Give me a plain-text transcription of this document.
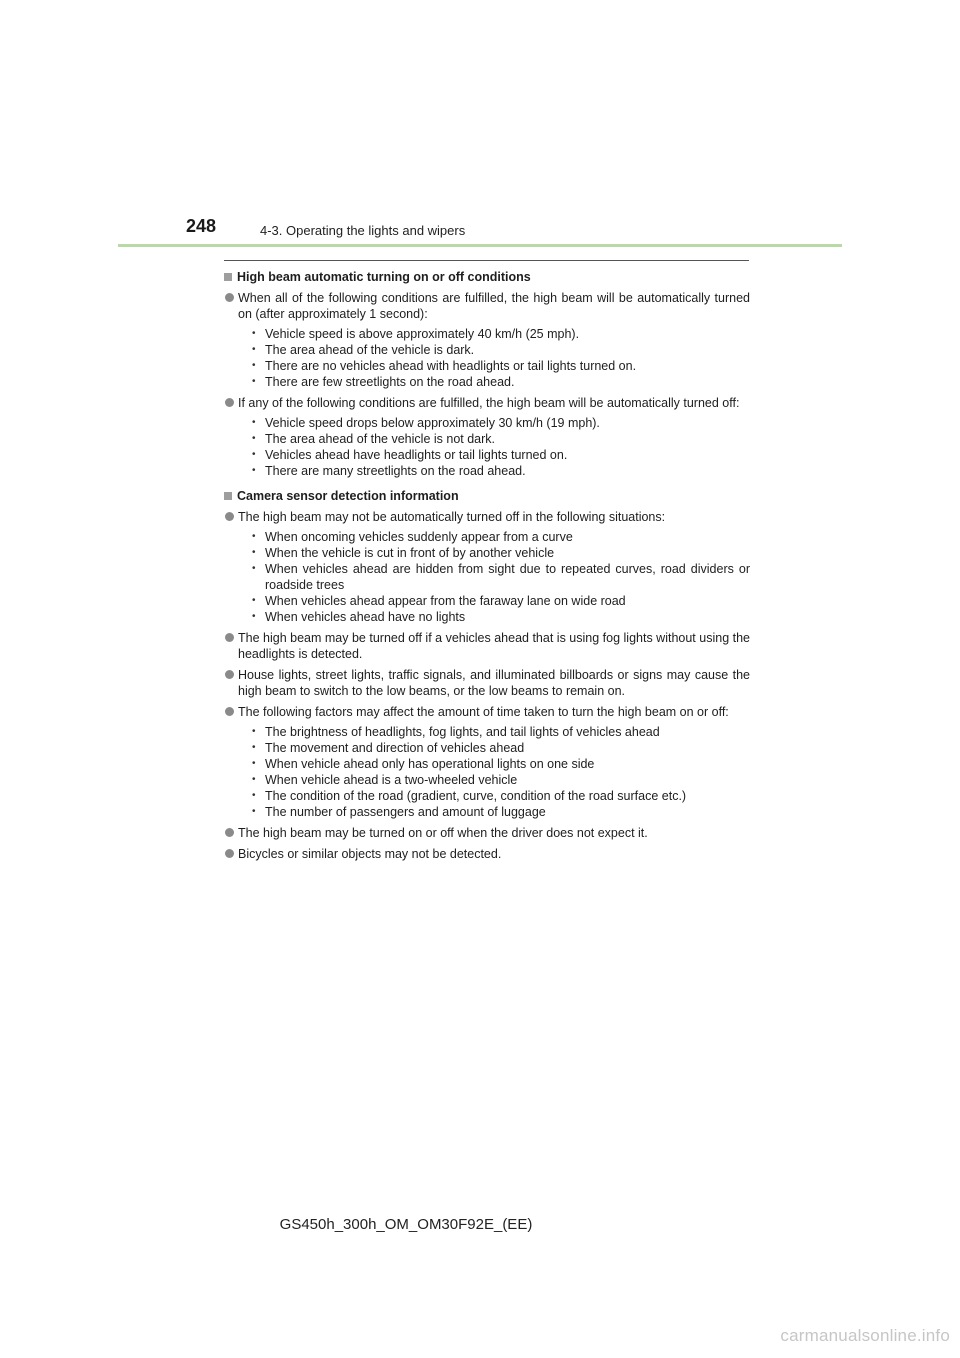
248	4-3. Operating the lights and wipers
High beam automatic turning on or off conditions
When all of the following conditions are fulfilled, the high beam will be automatically turned on (after approximately 1 second):
• Vehicle speed is above approximately 40 km/h (25 mph).
• The area ahead of the vehicle is dark.
• There are no vehicles ahead with headlights or tail lights turned on.
• There are few streetlights on the road ahead.
If any of the following conditions are fulfilled, the high beam will be automatically turned off:
• Vehicle speed drops below approximately 30 km/h (19 mph).
• The area ahead of the vehicle is not dark.
• Vehicles ahead have headlights or tail lights turned on.
• There are many streetlights on the road ahead.
Camera sensor detection information
The high beam may not be automatically turned off in the following situations:
• When oncoming vehicles suddenly appear from a curve
• When the vehicle is cut in front of by another vehicle
• When vehicles ahead are hidden from sight due to repeated curves, road dividers or roadside trees
• When vehicles ahead appear from the faraway lane on wide road
• When vehicles ahead have no lights
The high beam may be turned off if a vehicles ahead that is using fog lights without using the headlights is detected.
House lights, street lights, traffic signals, and illuminated billboards or signs may cause the high beam to switch to the low beams, or the low beams to remain on.
The following factors may affect the amount of time taken to turn the high beam on or off:
• The brightness of headlights, fog lights, and tail lights of vehicles ahead
• The movement and direction of vehicles ahead
• When vehicle ahead only has operational lights on one side
• When vehicle ahead is a two-wheeled vehicle
• The condition of the road (gradient, curve, condition of the road surface etc.)
• The number of passengers and amount of luggage
The high beam may be turned on or off when the driver does not expect it.
Bicycles or similar objects may not be detected.
GS450h_300h_OM_OM30F92E_(EE)
carmanualsonline.info
